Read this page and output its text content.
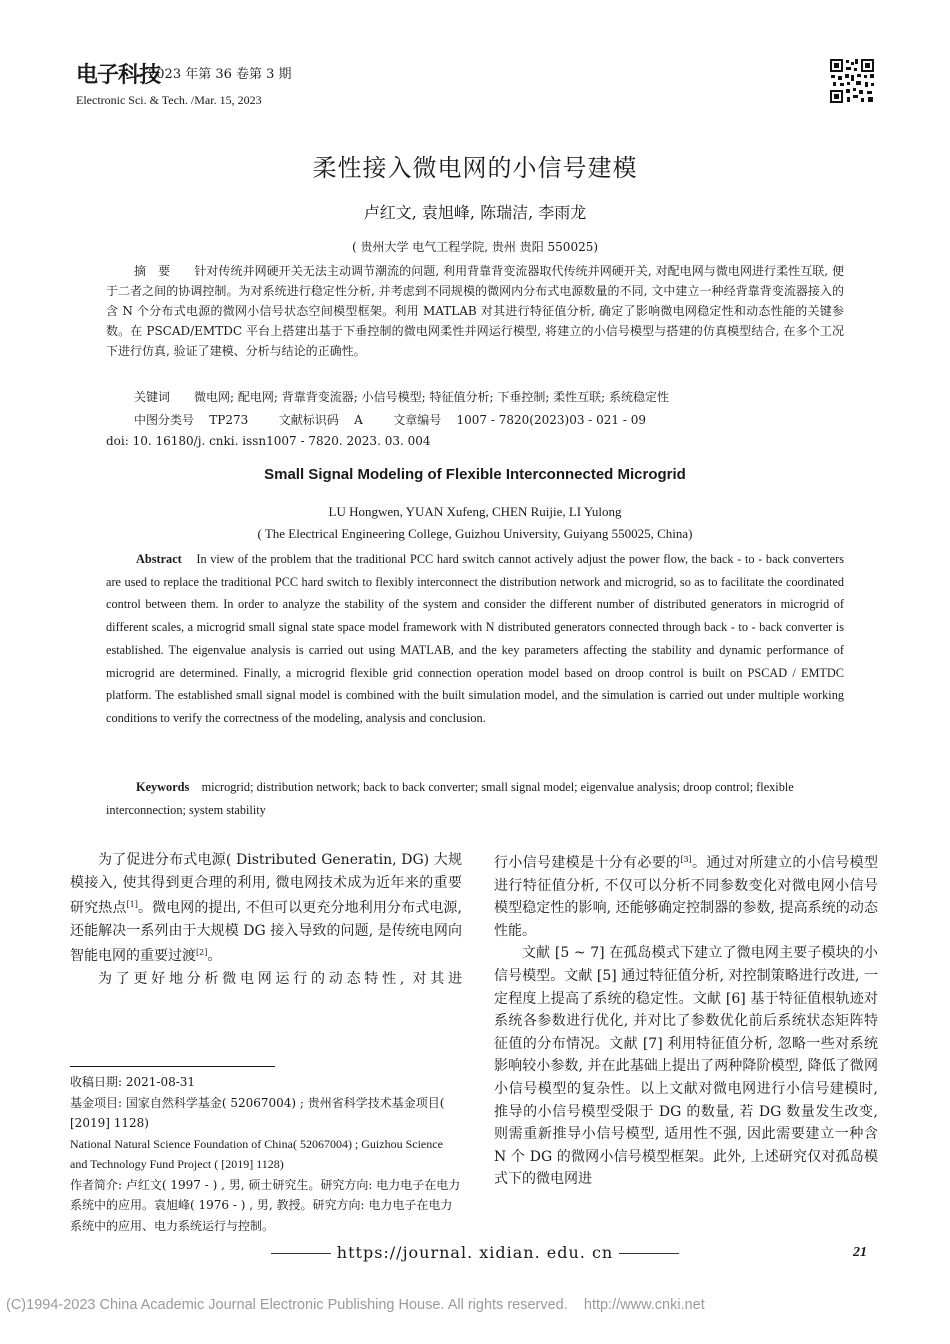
电子科技
2023 年第 36 卷第 3 期
Electronic Sci. & Tech. /Mar. 15, 2023
柔性接入微电网的小信号建模
卢红文, 袁旭峰, 陈瑞洁, 李雨龙
( 贵州大学 电气工程学院, 贵州 贵阳 550025)
摘　要　　 针对传统并网硬开关无法主动调节潮流的问题, 利用背靠背变流器取代传统并网硬开关, 对配电网与微电网进行柔性互联, 便于二者之间的协调控制。为对系统进行稳定性分析, 并考虑到不同规模的微网内分布式电源数量的不同, 文中建立一种经背靠背变流器接入的含 N 个分布式电源的微网小信号状态空间模型框架。利用 MATLAB 对其进行特征值分析, 确定了影响微电网稳定性和动态性能的关键参数。在 PSCAD/EMTDC 平台上搭建出基于下垂控制的微电网柔性并网运行模型, 将建立的小信号模型与搭建的仿真模型结合, 在多个工况下进行仿真, 验证了建模、分析与结论的正确性。
关键词　　 微电网; 配电网; 背靠背变流器; 小信号模型; 特征值分析; 下垂控制; 柔性互联; 系统稳定性
中图分类号 TP273	文献标识码 A	文章编号 1007 - 7820(2023)03 - 021 - 09
doi: 10. 16180/j. cnki. issn1007 - 7820. 2023. 03. 004
Small Signal Modeling of Flexible Interconnected Microgrid
LU Hongwen, YUAN Xufeng, CHEN Ruijie, LI Yulong
( The Electrical Engineering College, Guizhou University, Guiyang 550025, China)
Abstract In view of the problem that the traditional PCC hard switch cannot actively adjust the power flow, the back - to - back converters are used to replace the traditional PCC hard switch to flexibly interconnect the distribution network and microgrid, so as to facilitate the coordinated control between them. In order to analyze the stability of the system and consider the different number of distributed generators in microgrid of different scales, a microgrid small signal state space model framework with N distributed generators connected through back - to - back converter is established. The eigenvalue analysis is carried out using MATLAB, and the key parameters affecting the stability and dynamic performance of microgrid are determined. Finally, a microgrid flexible grid connection operation model based on droop control is built on PSCAD / EMTDC platform. The established small signal model is combined with the built simulation model, and the simulation is carried out under multiple working conditions to verify the correctness of the modeling, analysis and conclusion.
Keywords microgrid; distribution network; back to back converter; small signal model; eigenvalue analysis; droop control; flexible interconnection; system stability

为了促进分布式电源( Distributed Generatin, DG) 大规模接入, 使其得到更合理的利用, 微电网技术成为近年来的重要研究热点[1]。微电网的提出, 不但可以更充分地利用分布式电源, 还能解决一系列由于大规模 DG 接入导致的问题, 是传统电网向智能电网的重要过渡[2]。

为了更好地分析微电网运行的动态特性, 对其进

收稿日期: 2021-08-31
基金项目: 国家自然科学基金( 52067004) ; 贵州省科学技术基金项目( [2019] 1128)
National Natural Science Foundation of China( 52067004) ; Guizhou Science and Technology Fund Project ( [2019] 1128)
作者简介: 卢红文( 1997 - ) , 男, 硕士研究生。研究方向: 电力电子在电力系统中的应用。袁旭峰( 1976 - ) , 男, 教授。研究方向: 电力电子在电力系统中的应用、电力系统运行与控制。
行小信号建模是十分有必要的[3]。通过对所建立的小信号模型进行特征值分析, 不仅可以分析不同参数变化对微电网小信号模型稳定性的影响, 还能够确定控制器的参数, 提高系统的动态性能。

文献 [5 ~ 7] 在孤岛模式下建立了微电网主要子模块的小信号模型。文献 [5] 通过特征值分析, 对控制策略进行改进, 一定程度上提高了系统的稳定性。文献 [6] 基于特征值根轨迹对系统各参数进行优化, 并对比了参数优化前后系统状态矩阵特征值的分布情况。文献 [7] 利用特征值分析, 忽略一些对系统影响较小参数, 并在此基础上提出了两种降阶模型, 降低了微网小信号模型的复杂性。以上文献对微电网进行小信号建模时, 推导的小信号模型受限于 DG 的数量, 若 DG 数量发生改变, 则需重新推导小信号模型, 适用性不强, 因此需要建立一种含 N 个 DG 的微网小信号模型框架。此外, 上述研究仅对孤岛模式下的微电网进

https://journal. xidian. edu. cn	21
(C)1994-2023 China Academic Journal Electronic Publishing House. All rights reserved.    http://www.cnki.net
